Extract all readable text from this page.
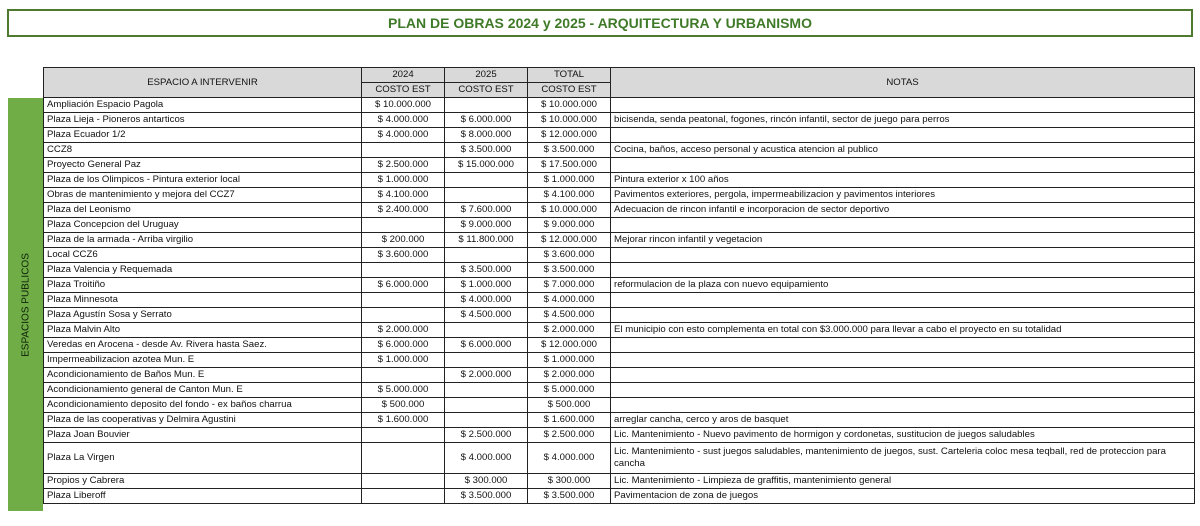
PLAN DE OBRAS 2024 y 2025 - ARQUITECTURA Y URBANISMO
ESPACIOS PUBLICOS
ESPACIO A INTERVENIR	2024	2025	TOTAL	NOTAS
	COSTO EST	COSTO EST	COSTO EST	
Ampliación Espacio Pagola	$ 10.000.000		$ 10.000.000	
Plaza Lieja - Pioneros antarticos	$ 4.000.000	$ 6.000.000	$ 10.000.000	bicisenda, senda peatonal, fogones, rincón infantil, sector de juego para perros
Plaza Ecuador 1/2	$ 4.000.000	$ 8.000.000	$ 12.000.000	
CCZ8		$ 3.500.000	$ 3.500.000	Cocina, baños, acceso personal y acustica atencion al publico
Proyecto General Paz	$ 2.500.000	$ 15.000.000	$ 17.500.000	
Plaza de los Olimpicos - Pintura exterior local	$ 1.000.000		$ 1.000.000	Pintura exterior x 100 años
Obras de mantenimiento y mejora del CCZ7	$ 4.100.000		$ 4.100.000	Pavimentos exteriores, pergola, impermeabilizacion y pavimentos interiores
Plaza del Leonismo	$ 2.400.000	$ 7.600.000	$ 10.000.000	Adecuacion de rincon infantil e incorporacion de sector deportivo
Plaza Concepcion del Uruguay		$ 9.000.000	$ 9.000.000	
Plaza de la armada - Arriba virgilio	$ 200.000	$ 11.800.000	$ 12.000.000	Mejorar rincon infantil y vegetacion
Local CCZ6	$ 3.600.000		$ 3.600.000	
Plaza Valencia y Requemada		$ 3.500.000	$ 3.500.000	
Plaza Troitiño	$ 6.000.000	$ 1.000.000	$ 7.000.000	reformulacion de la plaza con nuevo equipamiento
Plaza Minnesota		$ 4.000.000	$ 4.000.000	
Plaza Agustín Sosa y Serrato		$ 4.500.000	$ 4.500.000	
Plaza Malvin Alto	$ 2.000.000		$ 2.000.000	El municipio con esto complementa en total con $3.000.000 para llevar a cabo el proyecto en su totalidad
Veredas en Arocena - desde Av. Rivera hasta Saez.	$ 6.000.000	$ 6.000.000	$ 12.000.000	
Impermeabilizacion azotea Mun. E	$ 1.000.000		$ 1.000.000	
Acondicionamiento de Baños Mun. E		$ 2.000.000	$ 2.000.000	
Acondicionamiento general de Canton Mun. E	$ 5.000.000		$ 5.000.000	
Acondicionamiento deposito del fondo - ex baños charrua	$ 500.000		$ 500.000	
Plaza de las cooperativas y Delmira Agustini	$ 1.600.000		$ 1.600.000	arreglar cancha, cerco y aros de basquet
Plaza Joan Bouvier		$ 2.500.000	$ 2.500.000	Lic. Mantenimiento - Nuevo pavimento de hormigon y cordonetas, sustitucion de juegos saludables
Plaza La Virgen		$ 4.000.000	$ 4.000.000	Lic. Mantenimiento - sust juegos saludables, mantenimiento de juegos, sust. Carteleria coloc mesa teqball, red de proteccion para cancha
Propios y Cabrera		$ 300.000	$ 300.000	Lic. Mantenimiento - Limpieza de graffitis, mantenimiento general
Plaza Liberoff		$ 3.500.000	$ 3.500.000	Pavimentacion de zona de juegos
